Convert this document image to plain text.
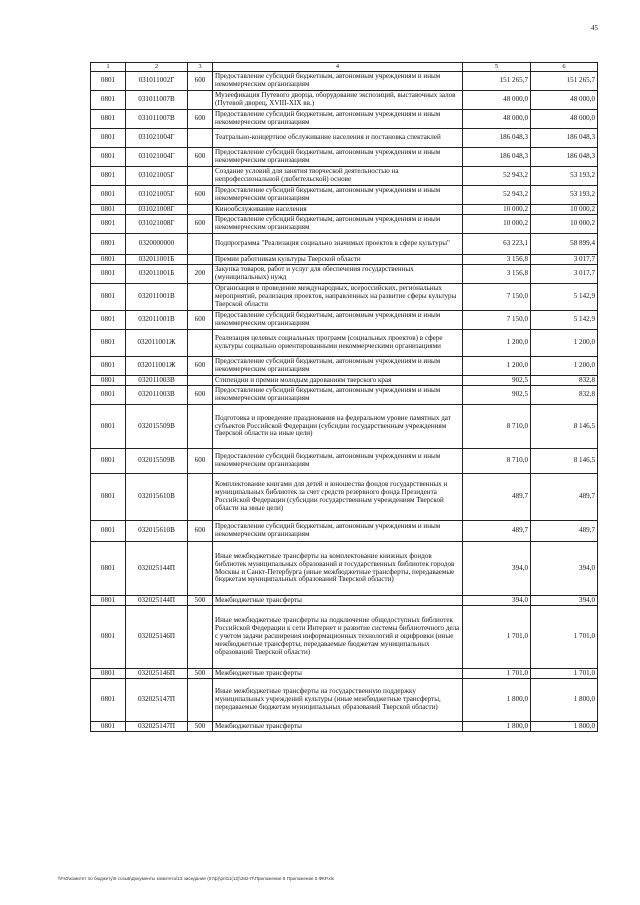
45
1	2	3	4	5	6
0801	031011002Г	600	Предоставление субсидий бюджетным, автономным учреждениям и иным некоммерческим организациям	151 265,7	151 265,7
0801	031011007В		Музеефикация Путевого дворца, оборудование экспозиций, выставочных залов (Путевой дворец, XVIII-XIX вв.)	48 000,0	48 000,0
0801	031011007В	600	Предоставление субсидий бюджетным, автономным учреждениям и иным некоммерческим организациям	48 000,0	48 000,0
0801	031021004Г		Театрально-концертное обслуживание населения и постановка спектаклей	186 048,3	186 048,3
0801	031021004Г	600	Предоставление субсидий бюджетным, автономным учреждениям и иным некоммерческим организациям	186 048,3	186 048,3
0801	031021005Г		Создание условий для занятия творческой деятельностью на непрофессиональной (любительской) основе	52 943,2	53 193,2
0801	031021005Г	600	Предоставление субсидий бюджетным, автономным учреждениям и иным некоммерческим организациям	52 943,2	53 193,2
0801	031021008Г		Кинообслуживание населения	10 000,2	10 000,2
0801	031021008Г	600	Предоставление субсидий бюджетным, автономным учреждениям и иным некоммерческим организациям	10 000,2	10 000,2
0801	0320000000		Подпрограмма "Реализация социально значимых проектов в сфере культуры"	63 223,1	58 899,4
0801	032011001Б		Премии работникам культуры Тверской области	3 156,8	3 017,7
0801	032011001Б	200	Закупка товаров, работ и услуг для обеспечения государственных (муниципальных) нужд	3 156,8	3 017,7
0801	032011001В		Организация и проведение международных, всероссийских, региональных мероприятий, реализация проектов, направленных на развитие сферы культуры Тверской области	7 150,0	5 142,9
0801	032011001В	600	Предоставление субсидий бюджетным, автономным учреждениям и иным некоммерческим организациям	7 150,0	5 142,9
0801	032011001Ж		Реализация целевых социальных программ (социальных проектов) в сфере культуры социально ориентированными некоммерческими организациями	1 200,0	1 200,0
0801	032011001Ж	600	Предоставление субсидий бюджетным, автономным учреждениям и иным некоммерческим организациям	1 200,0	1 200,0
0801	032011003В		Стипендии и премии молодым дарованиям тверского края	902,5	832,8
0801	032011003В	600	Предоставление субсидий бюджетным, автономным учреждениям и иным некоммерческим организациям	902,5	832,8
0801	032015509В		Подготовка и проведение празднования на федеральном уровне памятных дат субъектов Российской Федерации (субсидии государственным учреждениям Тверской области на иные цели)	8 710,0	8 146,5
0801	032015509В	600	Предоставление субсидий бюджетным, автономным учреждениям и иным некоммерческим организациям	8 710,0	8 146,5
0801	032015610В		Комплектование книгами для детей и юношества фондов государственных и муниципальных библиотек за счет средств резервного фонда Президента Российской Федерации (субсидии государственным учреждениям Тверской области на иные цели)	489,7	489,7
0801	032015610В	600	Предоставление субсидий бюджетным, автономным учреждениям и иным некоммерческим организациям	489,7	489,7
0801	032025144П		Иные межбюджетные трансферты на комплектование книжных фондов библиотек муниципальных образований и государственных библиотек городов Москвы и Санкт-Петербурга (иные межбюджетные трансферты, передаваемые бюджетам муниципальных образований Тверской области)	394,0	394,0
0801	032025144П	500	Межбюджетные трансферты	394,0	394,0
0801	032025146П		Иные межбюджетные трансферты на подключение общедоступных библиотек Российской Федерации к сети Интернет и развитие системы библиотечного дела с учетом задачи расширения информационных технологий и оцифровки (иные межбюджетные трансферты, передаваемые бюджетам муниципальных образований Тверской области)	1 701,0	1 701,0
0801	032025146П	500	Межбюджетные трансферты	1 701,0	1 701,0
0801	032025147П		Иные межбюджетные трансферты на государственную поддержку муниципальных учреждений культуры (иные межбюджетные трансферты, передаваемые бюджетам муниципальных образований Тверской области)	1 800,0	1 800,0
0801	032025147П	500	Межбюджетные трансферты	1 800,0	1 800,0
\\Fs0\комитет по бюджету\6 созыв\Документы комитета\13 заседание (07ф)\pril11(12)\282-П\Приложение 6 Приложение 5 ФКР.xls
